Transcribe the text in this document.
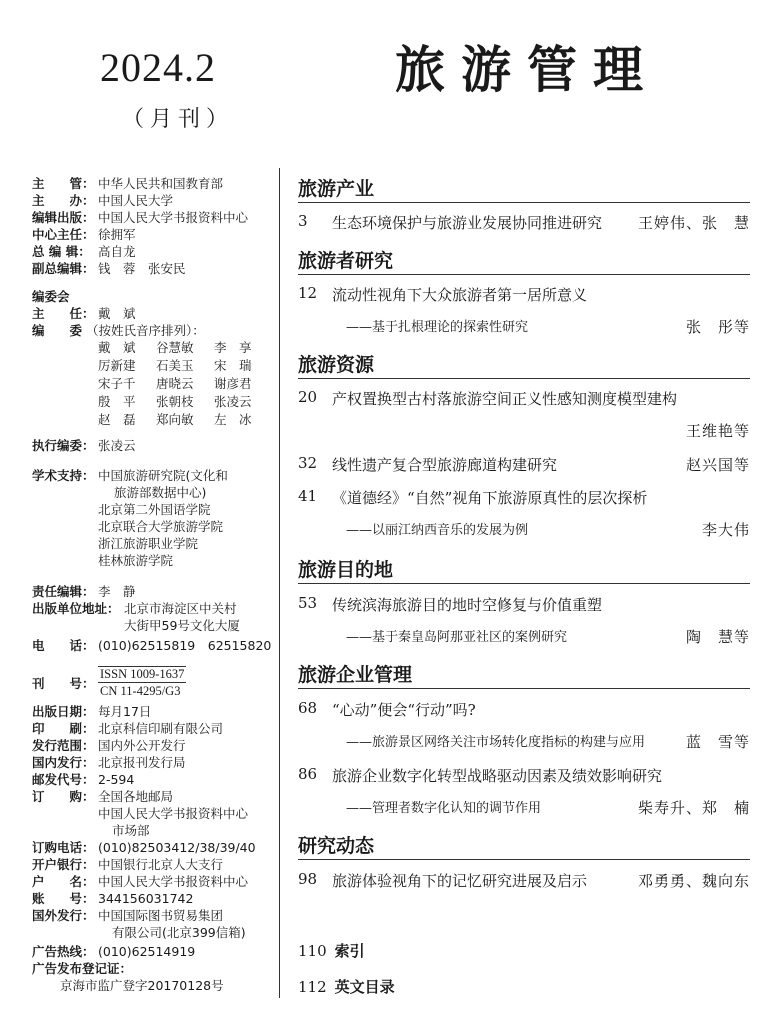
2024.2
（月刊）
旅游管理
主　　管： 中华人民共和国教育部
主　　办： 中国人民大学
编辑出版： 中国人民大学书报资料中心
中心主任： 徐拥军
总 编 辑： 高自龙
副总编辑： 钱　蓉　张安民
编委会
主　　任： 戴　斌
编　　委 （按姓氏音序排列）：
戴　斌 谷慧敏 李　享
厉新建 石美玉 宋　瑞
宋子千 唐晓云 谢彦君
殷　平 张朝枝 张凌云
赵　磊 郑向敏 左　冰
执行编委： 张凌云
学术支持： 中国旅游研究院(文化和
旅游部数据中心)
北京第二外国语学院
北京联合大学旅游学院
浙江旅游职业学院
桂林旅游学院
责任编辑： 李　静
出版单位地址： 北京市海淀区中关村
大街甲59号文化大厦
电　　话： (010)62515819　62515820
刊　　号：
ISSN 1009-1637
CN 11-4295/G3
出版日期： 每月17日
印　　刷： 北京科信印刷有限公司
发行范围： 国内外公开发行
国内发行： 北京报刊发行局
邮发代号： 2-594
订　　购： 全国各地邮局
中国人民大学书报资料中心
市场部
订购电话： (010)82503412/38/39/40
开户银行： 中国银行北京人大支行
户　　名： 中国人民大学书报资料中心
账　　号： 344156031742
国外发行： 中国国际图书贸易集团
有限公司(北京399信箱)
广告热线： (010)62514919
广告发布登记证：
京海市监广登字20170128号
旅游产业
3 生态环境保护与旅游业发展协同推进研究 王婷伟、张　慧
旅游者研究
12 流动性视角下大众旅游者第一居所意义
——基于扎根理论的探索性研究	张　彤等
旅游资源
20 产权置换型古村落旅游空间正义性感知测度模型建构
王维艳等
32 线性遗产复合型旅游廊道构建研究	赵兴国等
41 《道德经》“自然”视角下旅游原真性的层次探析
——以丽江纳西音乐的发展为例	李大伟
旅游目的地
53 传统滨海旅游目的地时空修复与价值重塑
——基于秦皇岛阿那亚社区的案例研究	陶　慧等
旅游企业管理
68 “心动”便会“行动”吗?
——旅游景区网络关注市场转化度指标的构建与应用	蓝　雪等
86 旅游企业数字化转型战略驱动因素及绩效影响研究
——管理者数字化认知的调节作用	柴寿升、郑　楠
研究动态
98 旅游体验视角下的记忆研究进展及启示	邓勇勇、魏向东
110 索引
112 英文目录
